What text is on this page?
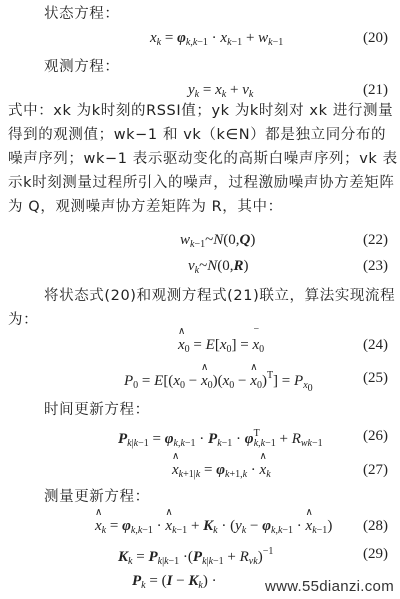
状态方程：
$x_k = \varphi_{k,k-1} \cdot x_{k-1} + w_{k-1}$	(20)
观测方程：
$y_k = x_k + v_k$	(21)
式中：xk 为k时刻的RSSI值；yk 为k时刻对 xk 进行测量得到的观测值；wk−1 和 vk（k∈N）都是独立同分布的噪声序列；wk−1 表示驱动变化的高斯白噪声序列；vk 表示k时刻测量过程所引入的噪声，过程激励噪声协方差矩阵为 Q，观测噪声协方差矩阵为 R，其中：
$w_{k-1}\sim N(0,Q)$	(22)
$v_k\sim N(0,R)$	(23)
将状态式(20)和观测方程式(21)联立，算法实现流程为：
∧ $x_0 = E[x_0]$ = − $x_0$	(24)
$P_0 = E[(x_0$ − ∧ $x_0)(x_0$ − ∧ $x_0)^T] = P_{x_0}$
(25)
时间更新方程：
$P_{k|k-1} = \varphi_{k,k-1} \cdot P_{k-1} \cdot \varphi^T_{k,k-1} + R_{wk-1}$	(26)
∧ $x_{k+1|k} = \varphi_{k+1,k}$ · ∧ $x_k$	(27)
测量更新方程：
∧ $x_k = \varphi_{k,k-1}$ · ∧ $x_{k-1} + K_k \cdot (y_k - \varphi_{k,k-1}$ · ∧ $x_{k-1}$) (28)
$K_k = P_{k|k-1} \cdot(P_{k|k-1} + R_{vk})^{-1}$	(29)
$P_k = (I - K_k)$ ·	www.55dianzi.com
